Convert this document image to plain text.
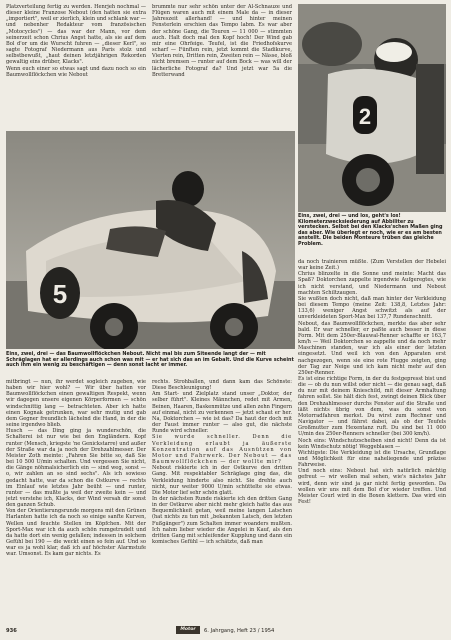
Platzverteilung fertig zu werden. Henrjeh nochmal — dieser kleine Franzose Nebout (den hatten sie extra „importiert", weil er zierlich, klein und schlank war — und nebenher Redakteur vom französischen „Motocycles") — das war der Mann, vor dem seinerzeit schon Chrius Angst hatte, als sie auf dem Bol d'or um die Wurscht fuhren — „dieser Kerl", so sagte Fotograf Niedermann aus Paris stolz und selbstbewußt, „haut deinen letztjährigen Rekorden gewaltig eins drüber, Klacks".

Wenn euch einer so etwas sagt und dazu noch so ein Baumwollflöckchen wie Nebout

brummte nur sehr schön unter der Al-Schnauze und Flügen waren auch mit einem Male da — in dieser Jahreszeit allerhand! — und hinter meinen Fensterlein erschien das Tempo labm. Es war aber der schöne Gang, die Touren — 11 000 — stimmten auch. Halt doch mal den Kopf hoch! Der Wind gab mir eine Ohrfeige. Teufel, ist die Friedhofskurve scharf — Fünften rein, jetzt kommt die Stadikurve, Vierten rein, Dritten rein, Zweiten rein — Nässe, bloß nicht bremsen — runter auf dem Bock — was will der lächerliche Fotograf da? Und jetzt war 5a die Bretterwand

2
Eins, zwei, drei — und los, geht's los! Kilometerzwecksiederung auf Abbiliter zu verstecken. Selbst bei den Klacks'schen Maßen ging das aber. Wie überlegt er noch, wie er es am besten anstellt. Die beiden Monteure trüben das gleiche Problem.
5

da noch trainieren müßte. (Zum Verstellen der Hebelei war keine Zeit.)

Chrius blinzelte in die Sonne und meinte: Macht das Spaß? Doktorchen zappelte irgendwie Aufgeregtes, wie ich nicht verstand, und Niedermann und Nebout machten Schiltzaugen.

Sie wußten doch nicht, daß man hinter der Verkleidung bei diesem Tempo (meine Zeit: 138,8, Letztes Jahr: 133,6) weniger Angst schwitzt als auf der unverkleideten Sport-Max bei 137,7 Rundenschnitt.

Nebout, das Baumwollflöckchen, merkte das aber sehr bald. Er war schneller, er paßte auch besser in diese Form. Mit dem 250er-Blauwal-Renner schaffte er 163,7 km/h — Weil Doktorchen so zappelte und da noch mehr Maschinen standen, war ich als einer der letzten eingesetzt. Und weil ich von den Apparaten erst nachgezogen, wenn sie eine rote Flugge zeigten, ging der Tag zur Neige und ich kam nicht mehr auf den 250er-Renner.

Es ist eine richtige Form, in der du festgepresst bist und die — ob du nun willst oder nicht — die genau sagt, daß du nur mit deinem Knieschild, mit dieser Armhaltung fahren sollst. Sie hält dich fest, zwingt deinen Blick über den Drehzahlmesser durchs Fenster auf die Straße und läßt nichts übrig von dem, was du sonst von Motorradfahren merkst. Du wirst zum Rechner und Navigator — und fährst dabei, als ob der Teufels Großmutter zum Hexentanz ruft. Du sind bei 11 000 U/min des 250er-Renners schneller (bei 300 km/h).

Noch eins: Windschutzscheiben sind nicht! Denn da ist kein Windschutz nötig! Weggeblasen —

Wichtigste: Die Verkleidung ist die Ursache, Grundlage und Möglichkeit für eine naheliegende und präzise Fahrweise.

Und noch eins: Nebout hat sich natürlich mächtig gefreut — wir wollen mal sehen, wie's nächstes Jahr wird, denn wir sind ja gar nicht fertig geworden. Da wollen wir uns mit dem Bol d'or wieder treffen. Und Meister Courl wird in die Boxen klettern. Das wird ein Fest!

Eins, zwei, drei — das Baumwollflöckchen Nebout. Nicht mal bis zum Siteende langt der — mit Schräglagen hat er allerdings auch schon was mit — er hat sich das an im Gebalt. Und die Kurve scheint auch ihm ein wenig zu beschäftigen — denn sonst lacht er immer.

mitbringt — nun, ihr werdet sogleich zugeben, wie haben wir hier wohl? — Wir über hatten vor Baumwollflöckchen einen gewaltigen Respekt, wenn wir dagegen unsere eigenen Körperformen — schön windschnittig lang — betrachteten. Aber ich hatte einen Kognak getrunken, war sehr mutig und gab dem Gegner freundlich lächelnd die Hand, in der die seine irgendwo blieb.

Husch — das Ding ging ja wunderschön, die Schalterei ist nur wie bei den Engländern. Kopf runter (Mensch, kriegste 'ne Genickstarre) und außer der Straße war da ja noch der Drehzahlmesser. Der Meister Zoth meinte: „Fahren Sie bitte so, daß Sie bei 10 500 U/min schalten. Und vergessen Sie nicht, die Gänge nöhmalsicherlich ein — sind weg, sonst — o, wir zahlen an so sind sechs". Als ich sowieso gedacht hatte, war da schon die Ostkurve — rechts im Einlauf wie letztes Jahr beüht — und runter, runter — das mußte ja weil der zweite kein — und jetzt verstehe ich, Klacks, der Wind versah dir sonst den ganzen Schub.

Von der Orientierungsrunde morgens mit den Grünen Harlanten hatte ich da noch so einige sanfte Kurven, Wellen und feuchte Stellen im Köpfchen. Mit der Sport-Max war ich da auch schön rumgetrudelt und da hatte dort ein wenig gefallen; indessen in solchem Gefühl bei 190 — die weckt einen so fein auf. Und so war es ja wohl klar, daß ich auf höchster Alarmstufe war. Umsonst. Es kam gar nichts. Es

rechts. Strohballen, und dann kam das Schönste: Diese Beschleunigung!

Am Start- und Zielplatz stand unser „Doktor, der selber führt". Kleines Männchen, redet mit Armen, Beinen, Haaren, Baskenmütze und allen zehn Fingern auf einmal, nicht zu verkennen — jetzt schaut er her. Na, Doktorchen — wie ist das? Da haut der doch mit der Faust immer runter — also gut, die nächste Runde wird schneller.

Sie wurde schneller. Denn die Verkleidung erlaubt ja äußerste Konzentration auf das Ausnützen von Motor und Fahrwerk. Der Nebout — das Baumwollflöckchen — der wollte mir?

Nebout riskierte ich in der Ostkurve den dritten Gang. Mit respektabler Schräglage ging das, die Verkleidung hinderte also nicht. Sie drehte auch nicht, nur weiter 9000 U/min schüttelte sie etwas. Die Motor lief sehr schön glatt.

In der nächsten Runde riskierte ich den dritten Gang in der Ostkurve aber nicht mehr gleich hatte das aus Bequemlichkeit getan, weil meine langen Latschen (hat nichts zu tun mit „bekannten Latsch, den letzten Fußgänger") zum Schalten immer woanders mußten. Ich nahm lieber wieder die Angelei in Kauf, als den dritten Gang mit schleifender Kupplung und dann ein komisches Gefühl — ich schätzte, daß man

936	Motor	6. Jahrgang, Heft 23 / 1954
